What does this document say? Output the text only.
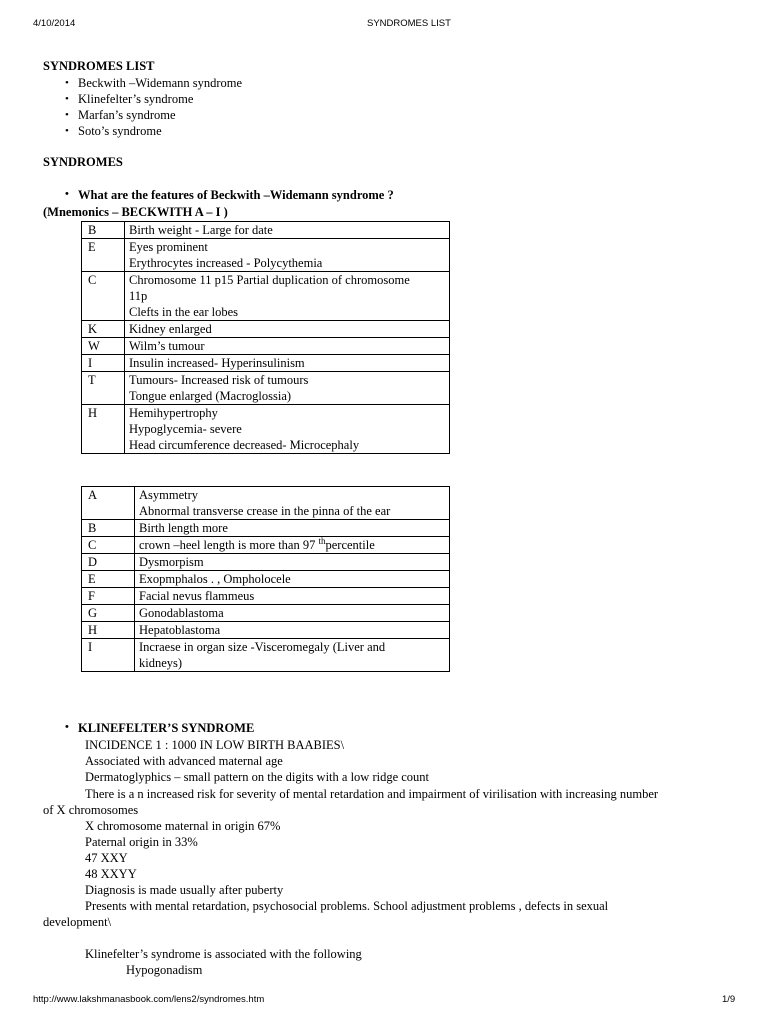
4/10/2014	SYNDROMES LIST
SYNDROMES LIST
• Beckwith –Widemann syndrome
• Klinefelter’s syndrome
• Marfan’s syndrome
• Soto’s syndrome
SYNDROMES
• What are the features of Beckwith –Widemann syndrome ?
(Mnemonics – BECKWITH A – I )
B	Birth weight - Large for date

E	Eyes prominent
Erythrocytes increased - Polycythemia

C	Chromosome 11 p15 Partial duplication of chromosome
11p
Clefts in the ear lobes

K	Kidney enlarged

W	Wilm’s tumour

I	Insulin increased- Hyperinsulinism

T	Tumours- Increased risk of tumours
Tongue enlarged (Macroglossia)

H	Hemihypertrophy
Hypoglycemia- severe
Head circumference decreased- Microcephaly
A	Asymmetry
Abnormal transverse crease in the pinna of the ear

B	Birth length more

C	crown –heel length is more than 97 $^{th}$percentile

D	Dysmorpism

E	Exopmphalos . , Ompholocele

F	Facial nevus flammeus

G	Gonodablastoma

H	Hepatoblastoma

I	Incraese in organ size -Visceromegaly (Liver and
kidneys)
• KLINEFELTER’S SYNDROME
INCIDENCE 1 : 1000 IN LOW BIRTH BAABIES\
Associated with advanced maternal age
Dermatoglyphics – small pattern on the digits with a low ridge count
There is a n increased risk for severity of mental retardation and impairment of virilisation with increasing number
of X chromosomes
X chromosome maternal in origin 67%
Paternal origin in 33%
47 XXY
48 XXYY
Diagnosis is made usually after puberty
Presents with mental retardation, psychosocial problems. School adjustment problems , defects in sexual
development\
Klinefelter’s syndrome is associated with the following
Hypogonadism
http://www.lakshmanasbook.com/lens2/syndromes.htm	1/9
